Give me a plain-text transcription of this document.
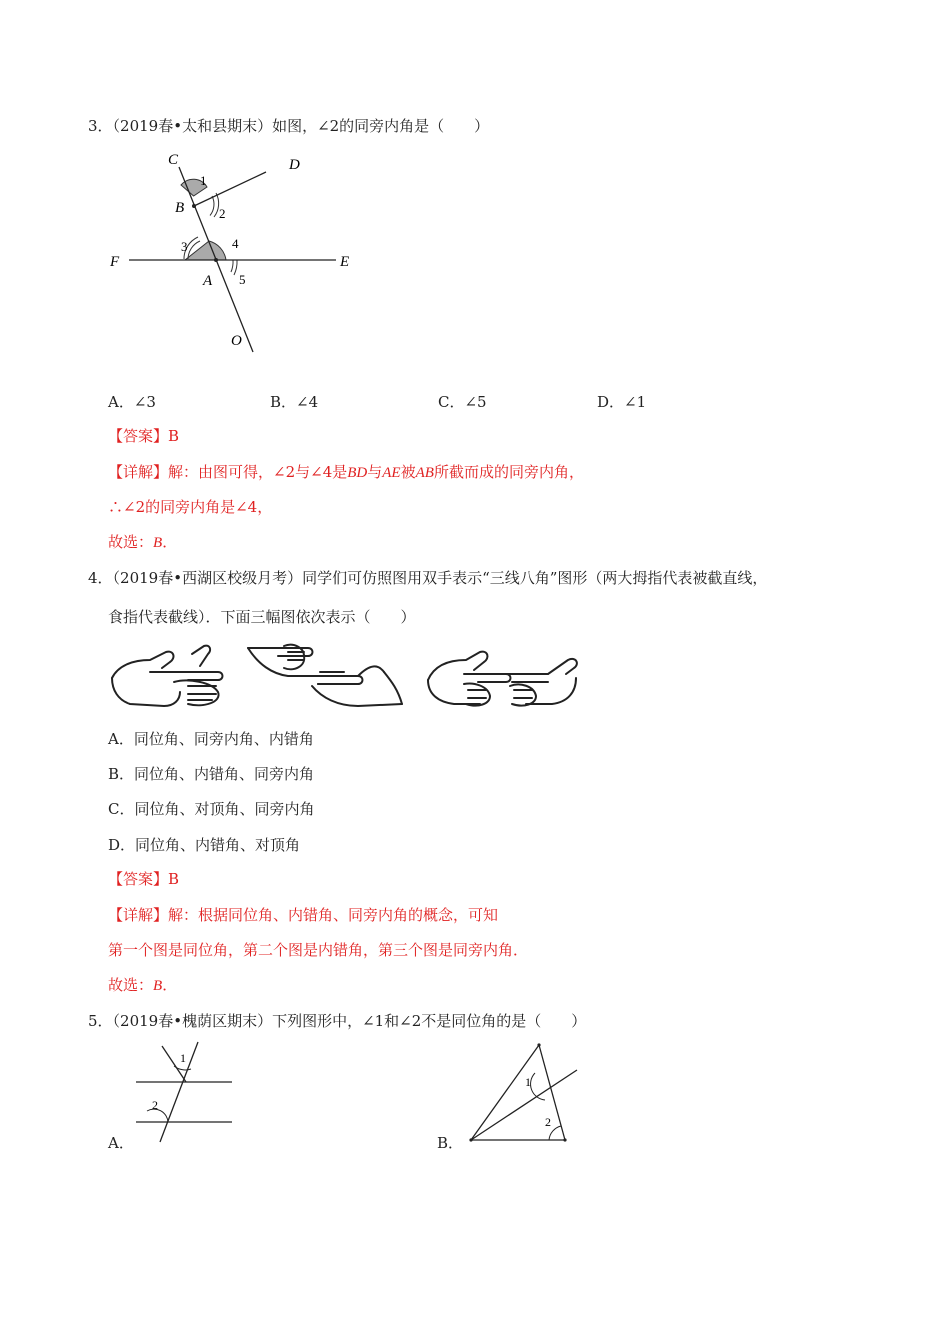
3．（2019春•太和县期末）如图，∠2的同旁内角是（　　）
C	D
B
F	E
A
O
1
2
3	4
5
A．∠3	B．∠4	C．∠5	D．∠1
【答案】B
【详解】解：由图可得，∠2与∠4是BD与AE被AB所截而成的同旁内角，
∴∠2的同旁内角是∠4，
故选：B．
4．（2019春•西湖区校级月考）同学们可仿照图用双手表示“三线八角”图形（两大拇指代表被截直线，
食指代表截线）．下面三幅图依次表示（　　）
A．同位角、同旁内角、内错角
B．同位角、内错角、同旁内角
C．同位角、对顶角、同旁内角
D．同位角、内错角、对顶角
【答案】B
【详解】解：根据同位角、内错角、同旁内角的概念，可知
第一个图是同位角，第二个图是内错角，第三个图是同旁内角．
故选：B．
5．（2019春•槐荫区期末）下列图形中，∠1和∠2不是同位角的是（　　）
1
2
A．
1
2
B．
